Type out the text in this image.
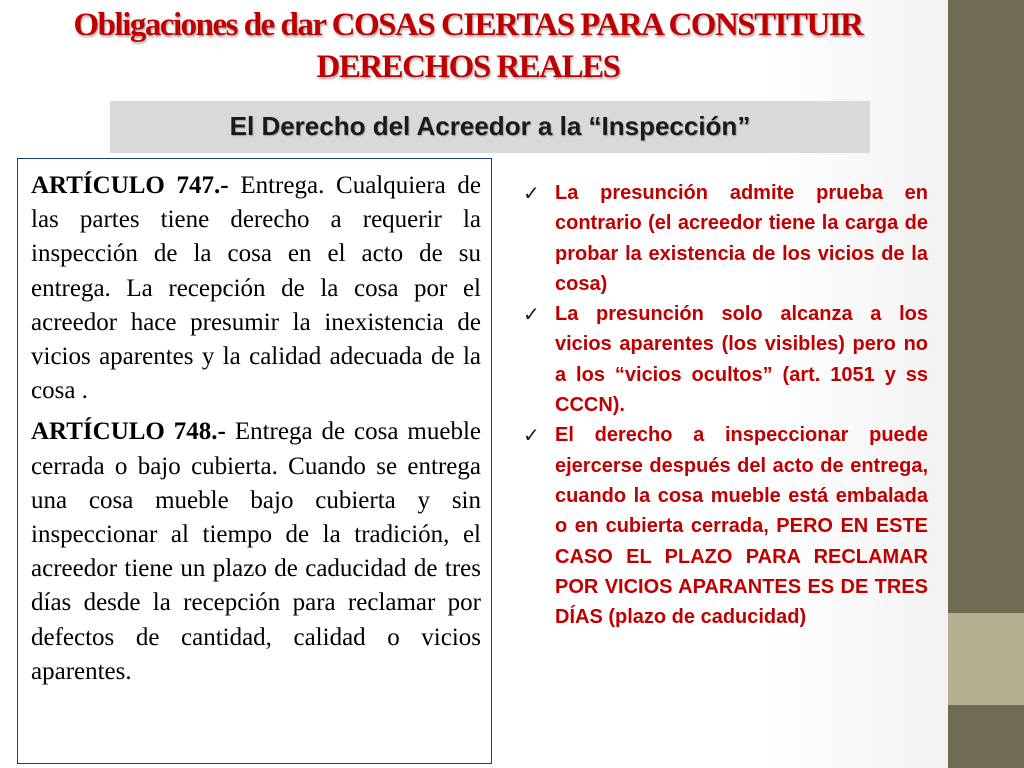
Obligaciones de dar COSAS CIERTAS PARA CONSTITUIR DERECHOS REALES
El Derecho del Acreedor a la “Inspección”

ARTÍCULO 747.- Entrega. Cualquiera de las partes tiene derecho a requerir la inspección de la cosa en el acto de su entrega. La recepción de la cosa por el acreedor hace presumir la inexistencia de vicios aparentes y la calidad adecuada de la cosa .

ARTÍCULO 748.- Entrega de cosa mueble cerrada o bajo cubierta. Cuando se entrega una cosa mueble bajo cubierta y sin inspeccionar al tiempo de la tradición, el acreedor tiene un plazo de caducidad de tres días desde la recepción para reclamar por defectos de cantidad, calidad o vicios aparentes.

✓ La presunción admite prueba en contrario (el acreedor tiene la carga de probar la existencia de los vicios de la cosa)
✓ La presunción solo alcanza a los vicios aparentes (los visibles) pero no a los “vicios ocultos” (art. 1051 y ss CCCN).
✓ El derecho a inspeccionar puede ejercerse después del acto de entrega, cuando la cosa mueble está embalada o en cubierta cerrada, PERO EN ESTE CASO EL PLAZO PARA RECLAMAR POR VICIOS APARANTES ES DE TRES DÍAS (plazo de caducidad)
